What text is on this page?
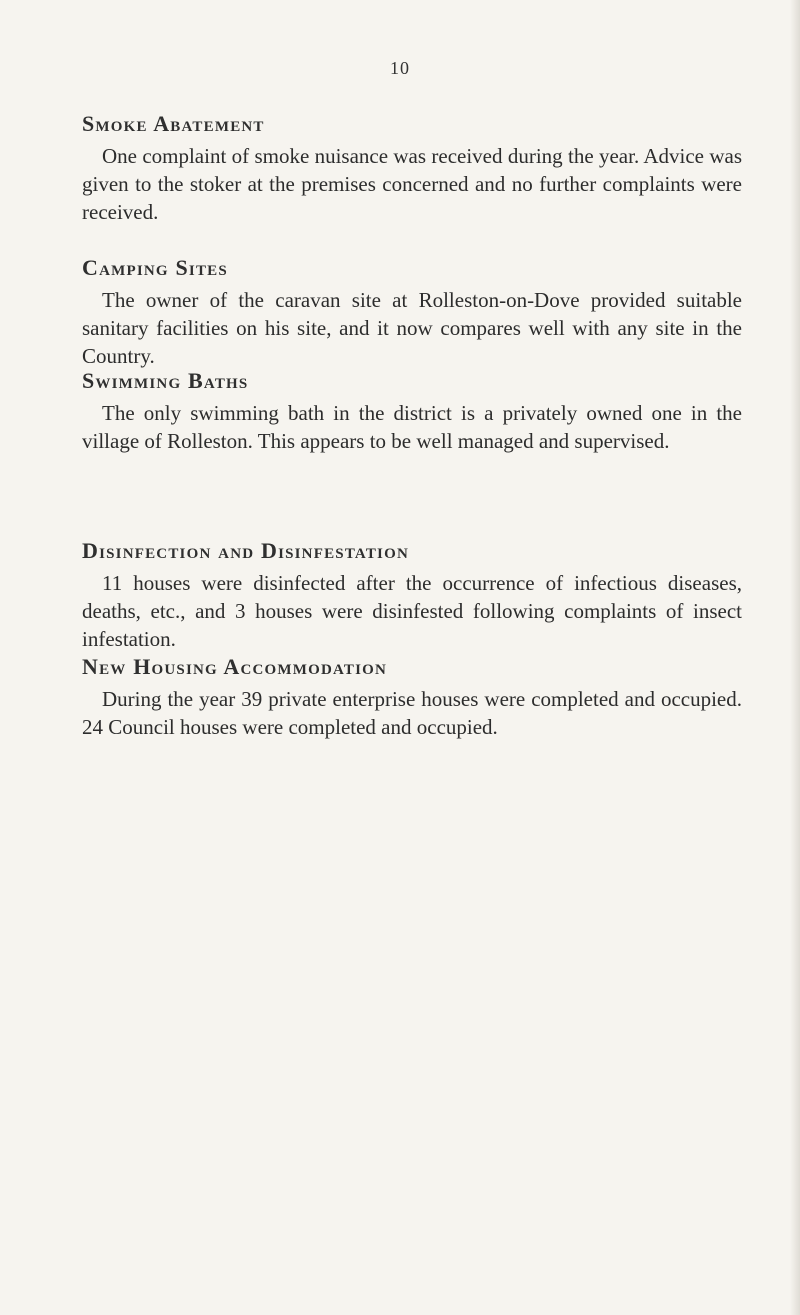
10
Smoke Abatement

One complaint of smoke nuisance was received during the year. Advice was given to the stoker at the premises concerned and no further complaints were received.

Camping Sites

The owner of the caravan site at Rolleston-on-Dove provided suitable sanitary facilities on his site, and it now compares well with any site in the Country.

Swimming Baths

The only swimming bath in the district is a privately owned one in the village of Rolleston. This appears to be well managed and supervised.

Disinfection and Disinfestation

11 houses were disinfected after the occurrence of infectious diseases, deaths, etc., and 3 houses were disinfested following complaints of insect infestation.

New Housing Accommodation

During the year 39 private enterprise houses were completed and occupied. 24 Council houses were completed and occupied.
